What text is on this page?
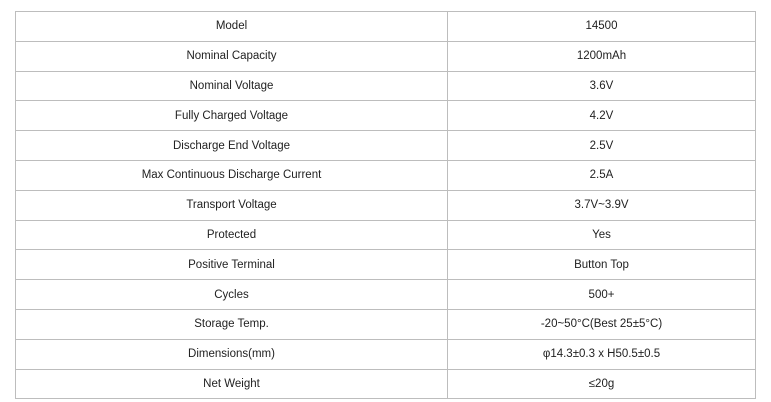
Model	14500
Nominal Capacity	1200mAh
Nominal Voltage	3.6V
Fully Charged Voltage	4.2V
Discharge End Voltage	2.5V
Max Continuous Discharge Current	2.5A
Transport Voltage	3.7V~3.9V
Protected	Yes
Positive Terminal	Button Top
Cycles	500+
Storage Temp.	-20~50°C(Best 25±5°C)
Dimensions(mm)	φ14.3±0.3 x H50.5±0.5
Net Weight	≤20g
